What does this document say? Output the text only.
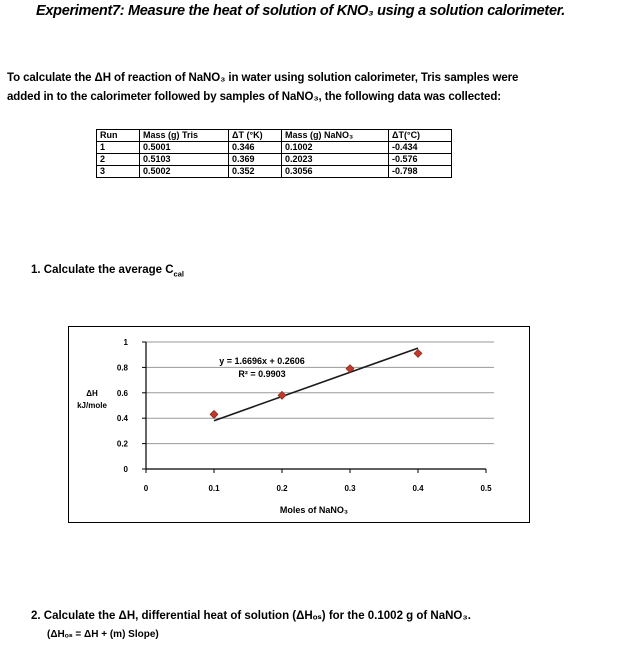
Experiment7: Measure the heat of solution of KNO₃ using a solution calorimeter.
To calculate the ΔH of reaction of NaNO₃ in water using solution calorimeter, Tris samples were
added in to the calorimeter followed by samples of NaNO₃, the following data was collected:
Run	Mass (g) Tris	ΔT (°K)	Mass (g) NaNO₃	ΔT(°C)
1	0.5001	0.346	0.1002	-0.434
2	0.5103	0.369	0.2023	-0.576
3	0.5002	0.352	0.3056	-0.798
1. Calculate the average $C_{cal}$
0
0.2
0.4
0.6
0.8
1
0	0.1	0.2	0.3	0.4	0.5
y = 1.6696x + 0.2606
R² = 0.9903
ΔH
kJ/mole
Moles of NaNO₃
2. Calculate the ΔH, differential heat of solution (ΔHₒₛ) for the 0.1002 g of NaNO₃.
(ΔHₒₛ = ΔH + (m) Slope)
